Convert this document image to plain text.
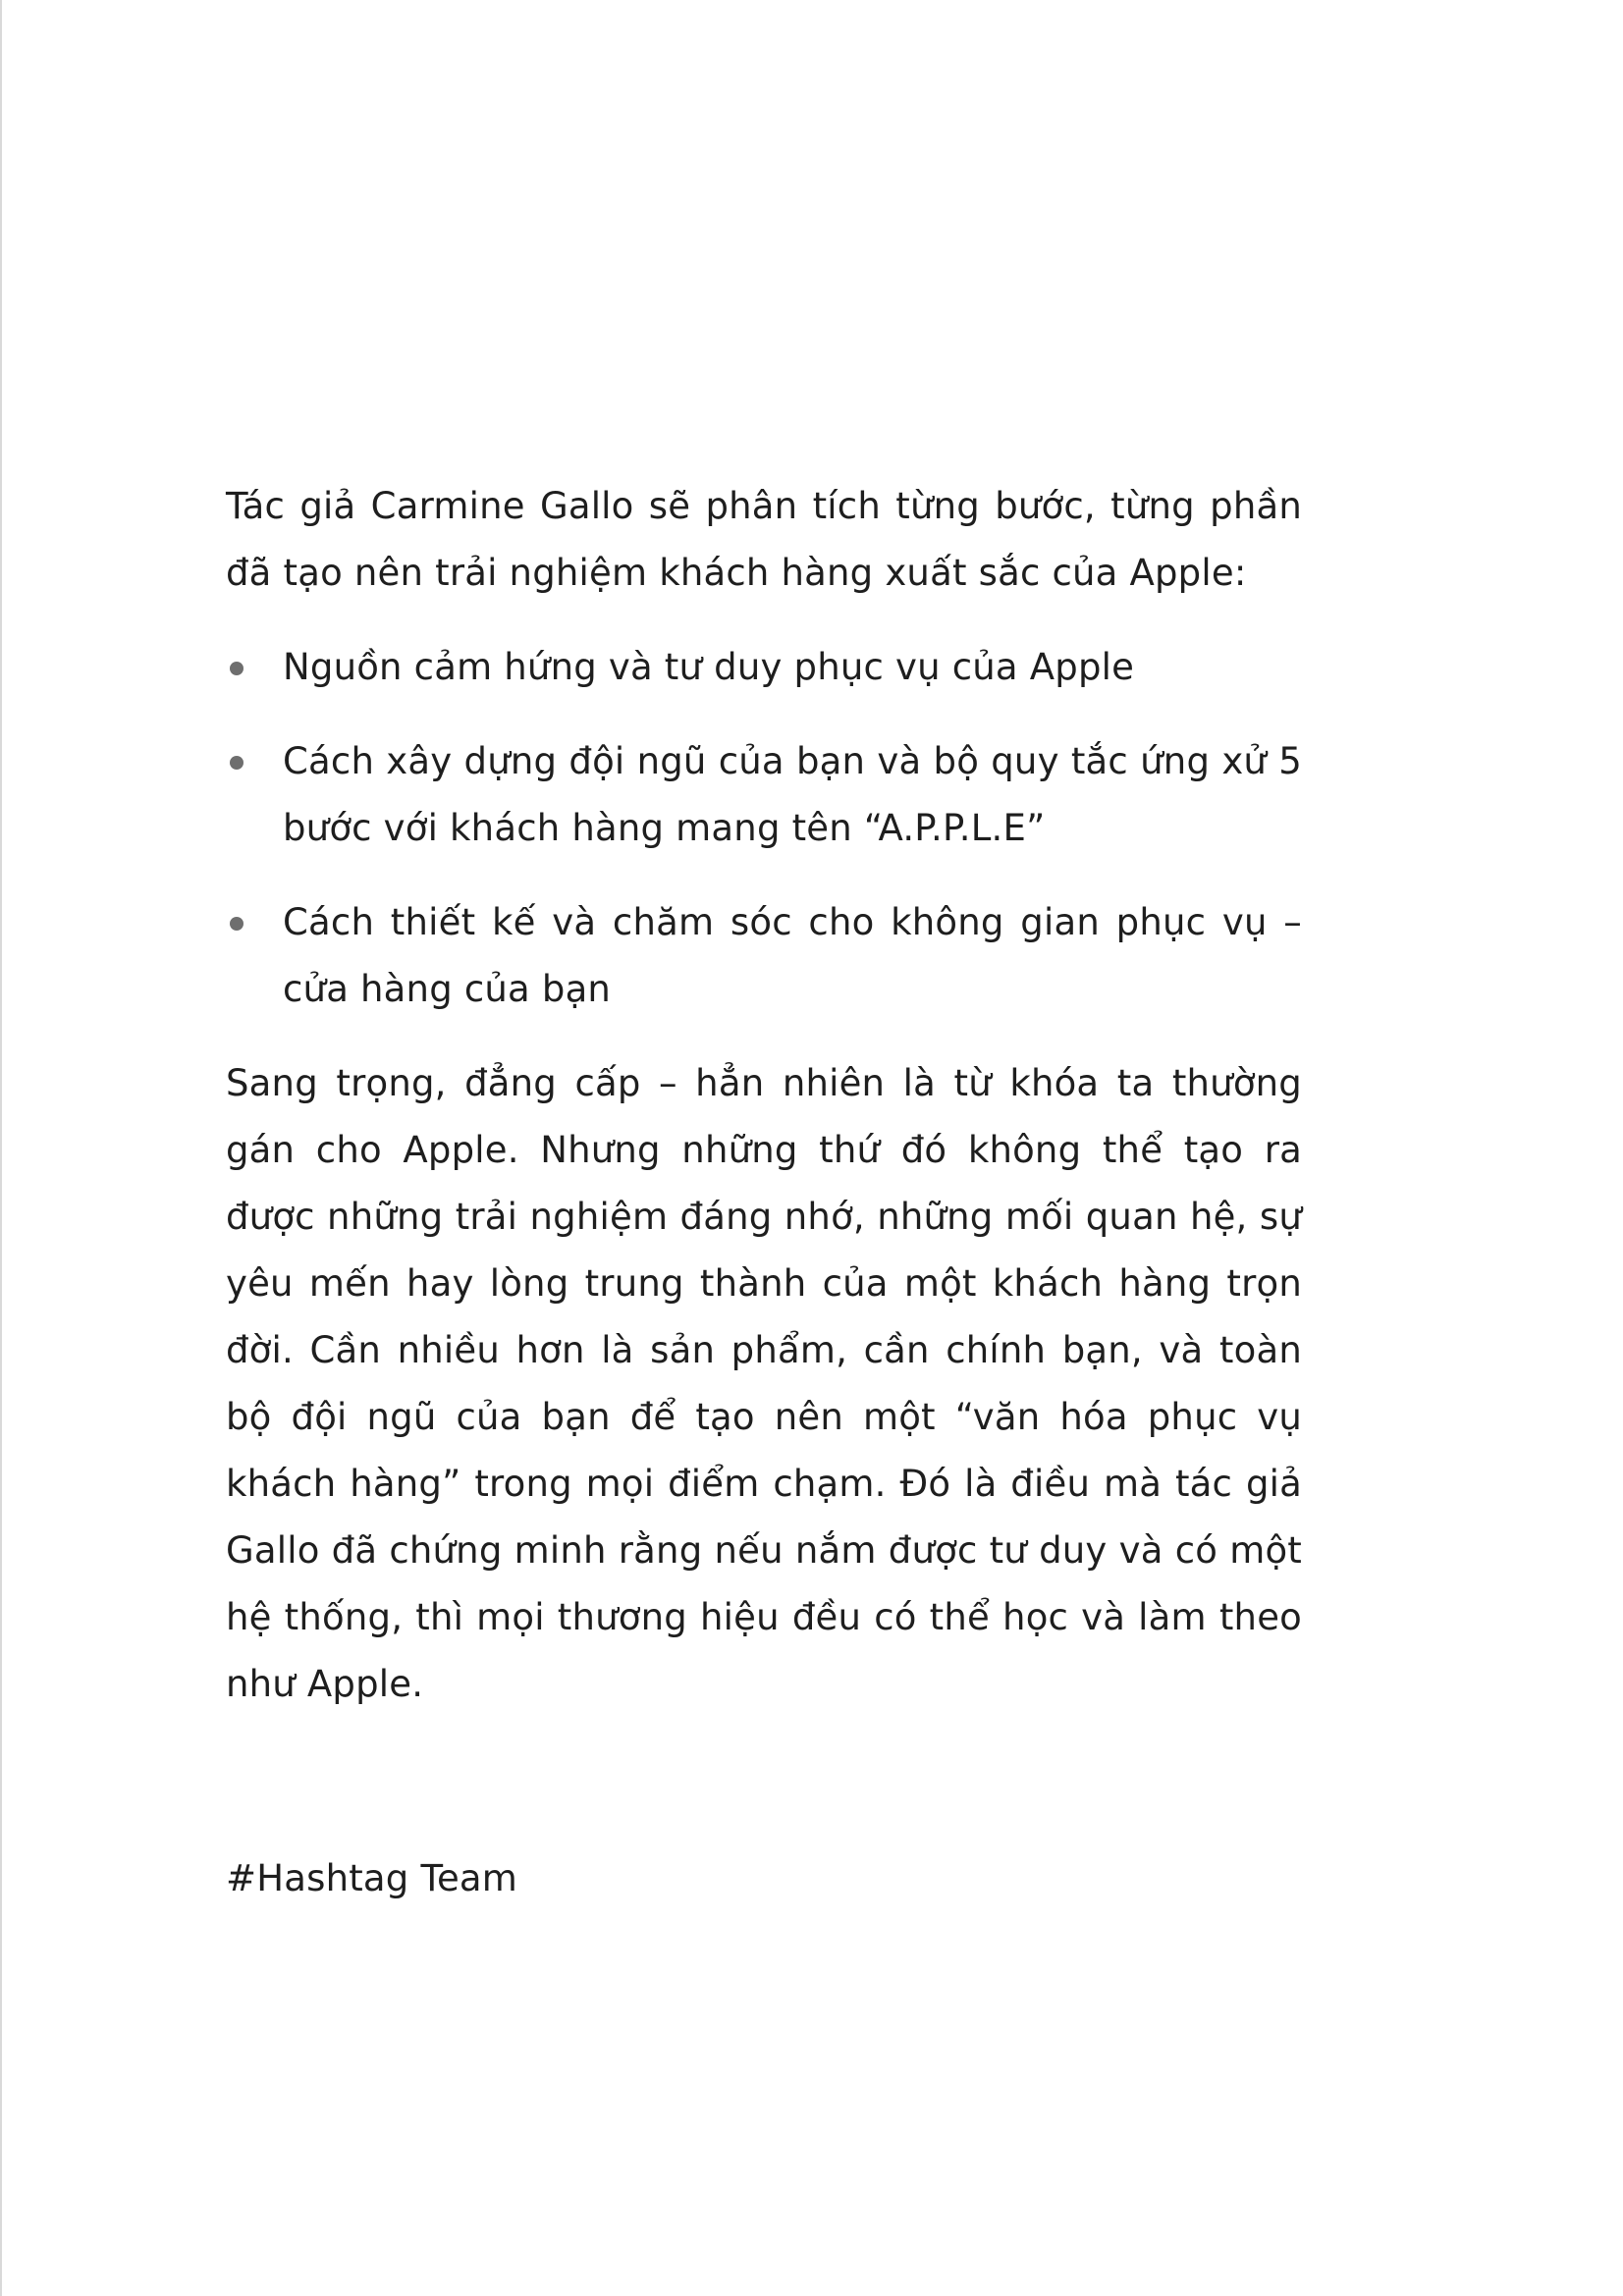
Tác giả Carmine Gallo sẽ phân tích từng bước, từng phần đã tạo nên trải nghiệm khách hàng xuất sắc của Apple:

Nguồn cảm hứng và tư duy phục vụ của Apple
Cách xây dựng đội ngũ của bạn và bộ quy tắc ứng xử 5 bước với khách hàng mang tên “A.P.P.L.E”
Cách thiết kế và chăm sóc cho không gian phục vụ – cửa hàng của bạn

Sang trọng, đẳng cấp – hẳn nhiên là từ khóa ta thường gán cho Apple. Nhưng những thứ đó không thể tạo ra được những trải nghiệm đáng nhớ, những mối quan hệ, sự yêu mến hay lòng trung thành của một khách hàng trọn đời. Cần nhiều hơn là sản phẩm, cần chính bạn, và toàn bộ đội ngũ của bạn để tạo nên một “văn hóa phục vụ khách hàng” trong mọi điểm chạm. Đó là điều mà tác giả Gallo đã chứng minh rằng nếu nắm được tư duy và có một hệ thống, thì mọi thương hiệu đều có thể học và làm theo như Apple.

#Hashtag Team
